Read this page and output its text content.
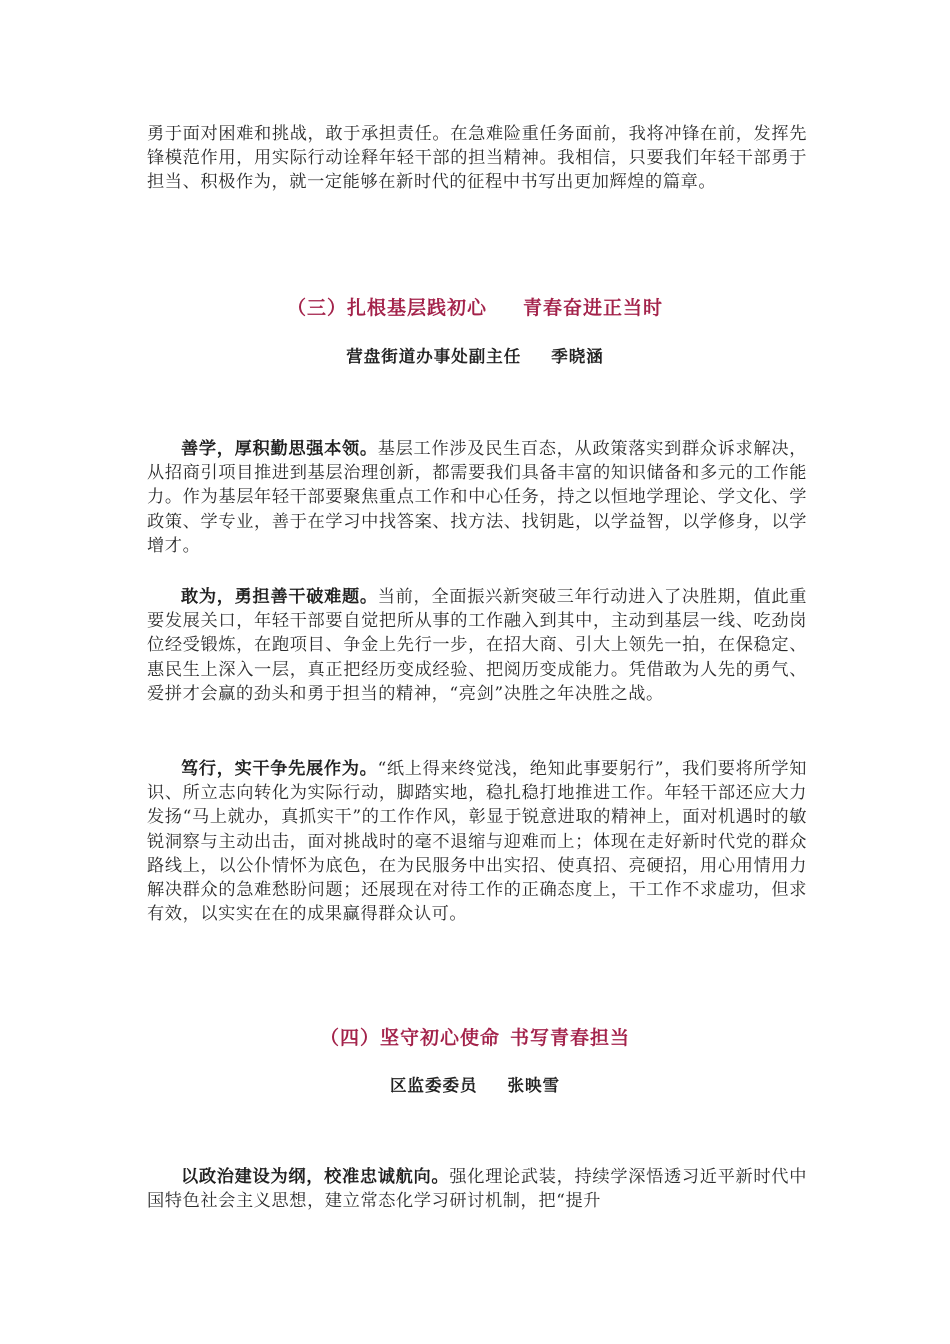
勇于面对困难和挑战，敢于承担责任。在急难险重任务面前，我将冲锋在前，发挥先锋模范作用，用实际行动诠释年轻干部的担当精神。我相信，只要我们年轻干部勇于担当、积极作为，就一定能够在新时代的征程中书写出更加辉煌的篇章。

（三）扎根基层践初心 青春奋进正当时

营盘街道办事处副主任 季晓涵

善学，厚积勤思强本领。基层工作涉及民生百态，从政策落实到群众诉求解决，从招商引项目推进到基层治理创新，都需要我们具备丰富的知识储备和多元的工作能力。作为基层年轻干部要聚焦重点工作和中心任务，持之以恒地学理论、学文化、学政策、学专业，善于在学习中找答案、找方法、找钥匙，以学益智，以学修身，以学增才。

敢为，勇担善干破难题。当前，全面振兴新突破三年行动进入了决胜期，值此重要发展关口，年轻干部要自觉把所从事的工作融入到其中，主动到基层一线、吃劲岗位经受锻炼，在跑项目、争金上先行一步，在招大商、引大上领先一拍，在保稳定、惠民生上深入一层，真正把经历变成经验、把阅历变成能力。凭借敢为人先的勇气、爱拼才会赢的劲头和勇于担当的精神，“亮剑”决胜之年决胜之战。

笃行，实干争先展作为。“纸上得来终觉浅，绝知此事要躬行”，我们要将所学知识、所立志向转化为实际行动，脚踏实地，稳扎稳打地推进工作。年轻干部还应大力发扬“马上就办，真抓实干”的工作作风，彰显于锐意进取的精神上，面对机遇时的敏锐洞察与主动出击，面对挑战时的毫不退缩与迎难而上；体现在走好新时代党的群众路线上，以公仆情怀为底色，在为民服务中出实招、使真招、亮硬招，用心用情用力解决群众的急难愁盼问题；还展现在对待工作的正确态度上，干工作不求虚功，但求有效，以实实在在的成果赢得群众认可。

（四）坚守初心使命 书写青春担当

区监委委员 张映雪

以政治建设为纲，校准忠诚航向。强化理论武装，持续学深悟透习近平新时代中国特色社会主义思想，建立常态化学习研讨机制，把“提升
